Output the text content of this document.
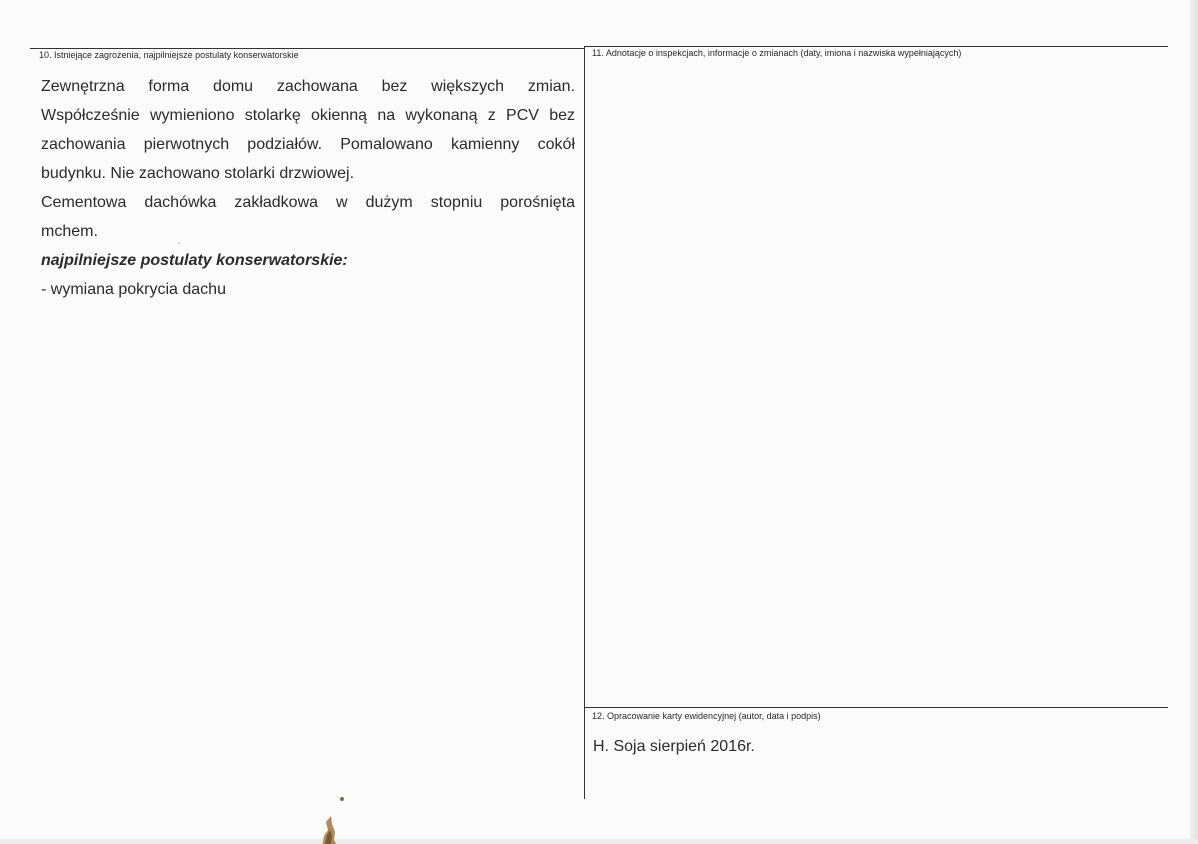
10. Istniejące zagrożenia, najpilniejsze postulaty konserwatorskie

Zewnętrzna forma domu zachowana bez większych zmian.

Współcześnie wymieniono stolarkę okienną na wykonaną z PCV bez

zachowania pierwotnych podziałów. Pomalowano kamienny cokół

budynku. Nie zachowano stolarki drzwiowej.

Cementowa dachówka zakładkowa w dużym stopniu porośnięta

mchem.

najpilniejsze postulaty konserwatorskie:

- wymiana pokrycia dachu

11. Adnotacje o inspekcjach, informacje o zmianach (daty, imiona i nazwiska wypełniających)
12. Opracowanie karty ewidencyjnej (autor, data i podpis)
H. Soja sierpień 2016r.
